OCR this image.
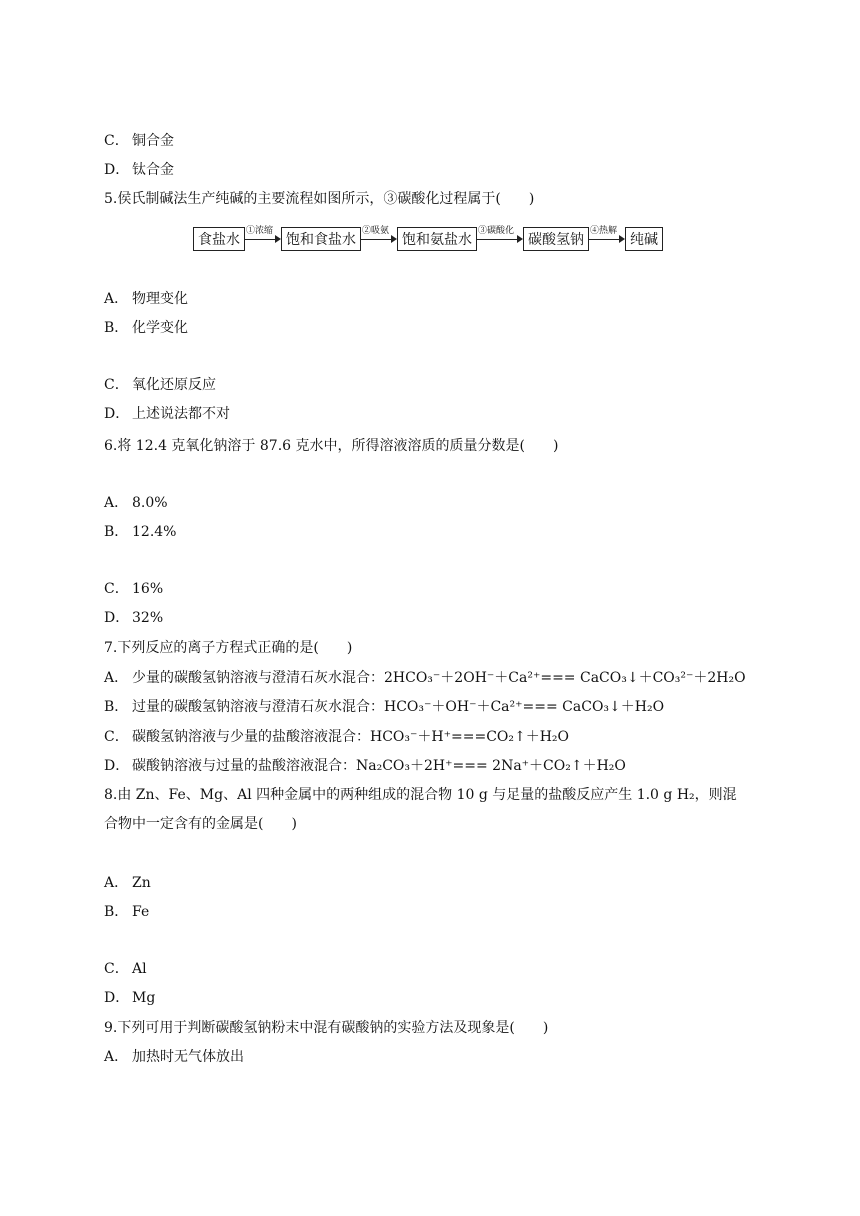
C． 铜合金
D． 钛合金
5.侯氏制碱法生产纯碱的主要流程如图所示，③碳酸化过程属于(　　)
食盐水
①浓缩
饱和食盐水
②吸氨
饱和氨盐水
③碳酸化
碳酸氢钠
④热解
纯碱
A． 物理变化
B． 化学变化
C． 氧化还原反应
D． 上述说法都不对
6.将 12.4 克氧化钠溶于 87.6 克水中，所得溶液溶质的质量分数是(　　)
A． 8.0%
B． 12.4%
C． 16%
D． 32%
7.下列反应的离子方程式正确的是(　　)
A． 少量的碳酸氢钠溶液与澄清石灰水混合：2HCO₃⁻＋2OH⁻＋Ca²⁺=== CaCO₃↓＋CO₃²⁻＋2H₂O
B． 过量的碳酸氢钠溶液与澄清石灰水混合：HCO₃⁻＋OH⁻＋Ca²⁺=== CaCO₃↓＋H₂O
C． 碳酸氢钠溶液与少量的盐酸溶液混合：HCO₃⁻＋H⁺===CO₂↑＋H₂O
D． 碳酸钠溶液与过量的盐酸溶液混合：Na₂CO₃＋2H⁺=== 2Na⁺＋CO₂↑＋H₂O
8.由 Zn、Fe、Mg、Al 四种金属中的两种组成的混合物 10 g 与足量的盐酸反应产生 1.0 g H₂，则混
合物中一定含有的金属是(　　)
A． Zn
B． Fe
C． Al
D． Mg
9.下列可用于判断碳酸氢钠粉末中混有碳酸钠的实验方法及现象是(　　)
A． 加热时无气体放出
